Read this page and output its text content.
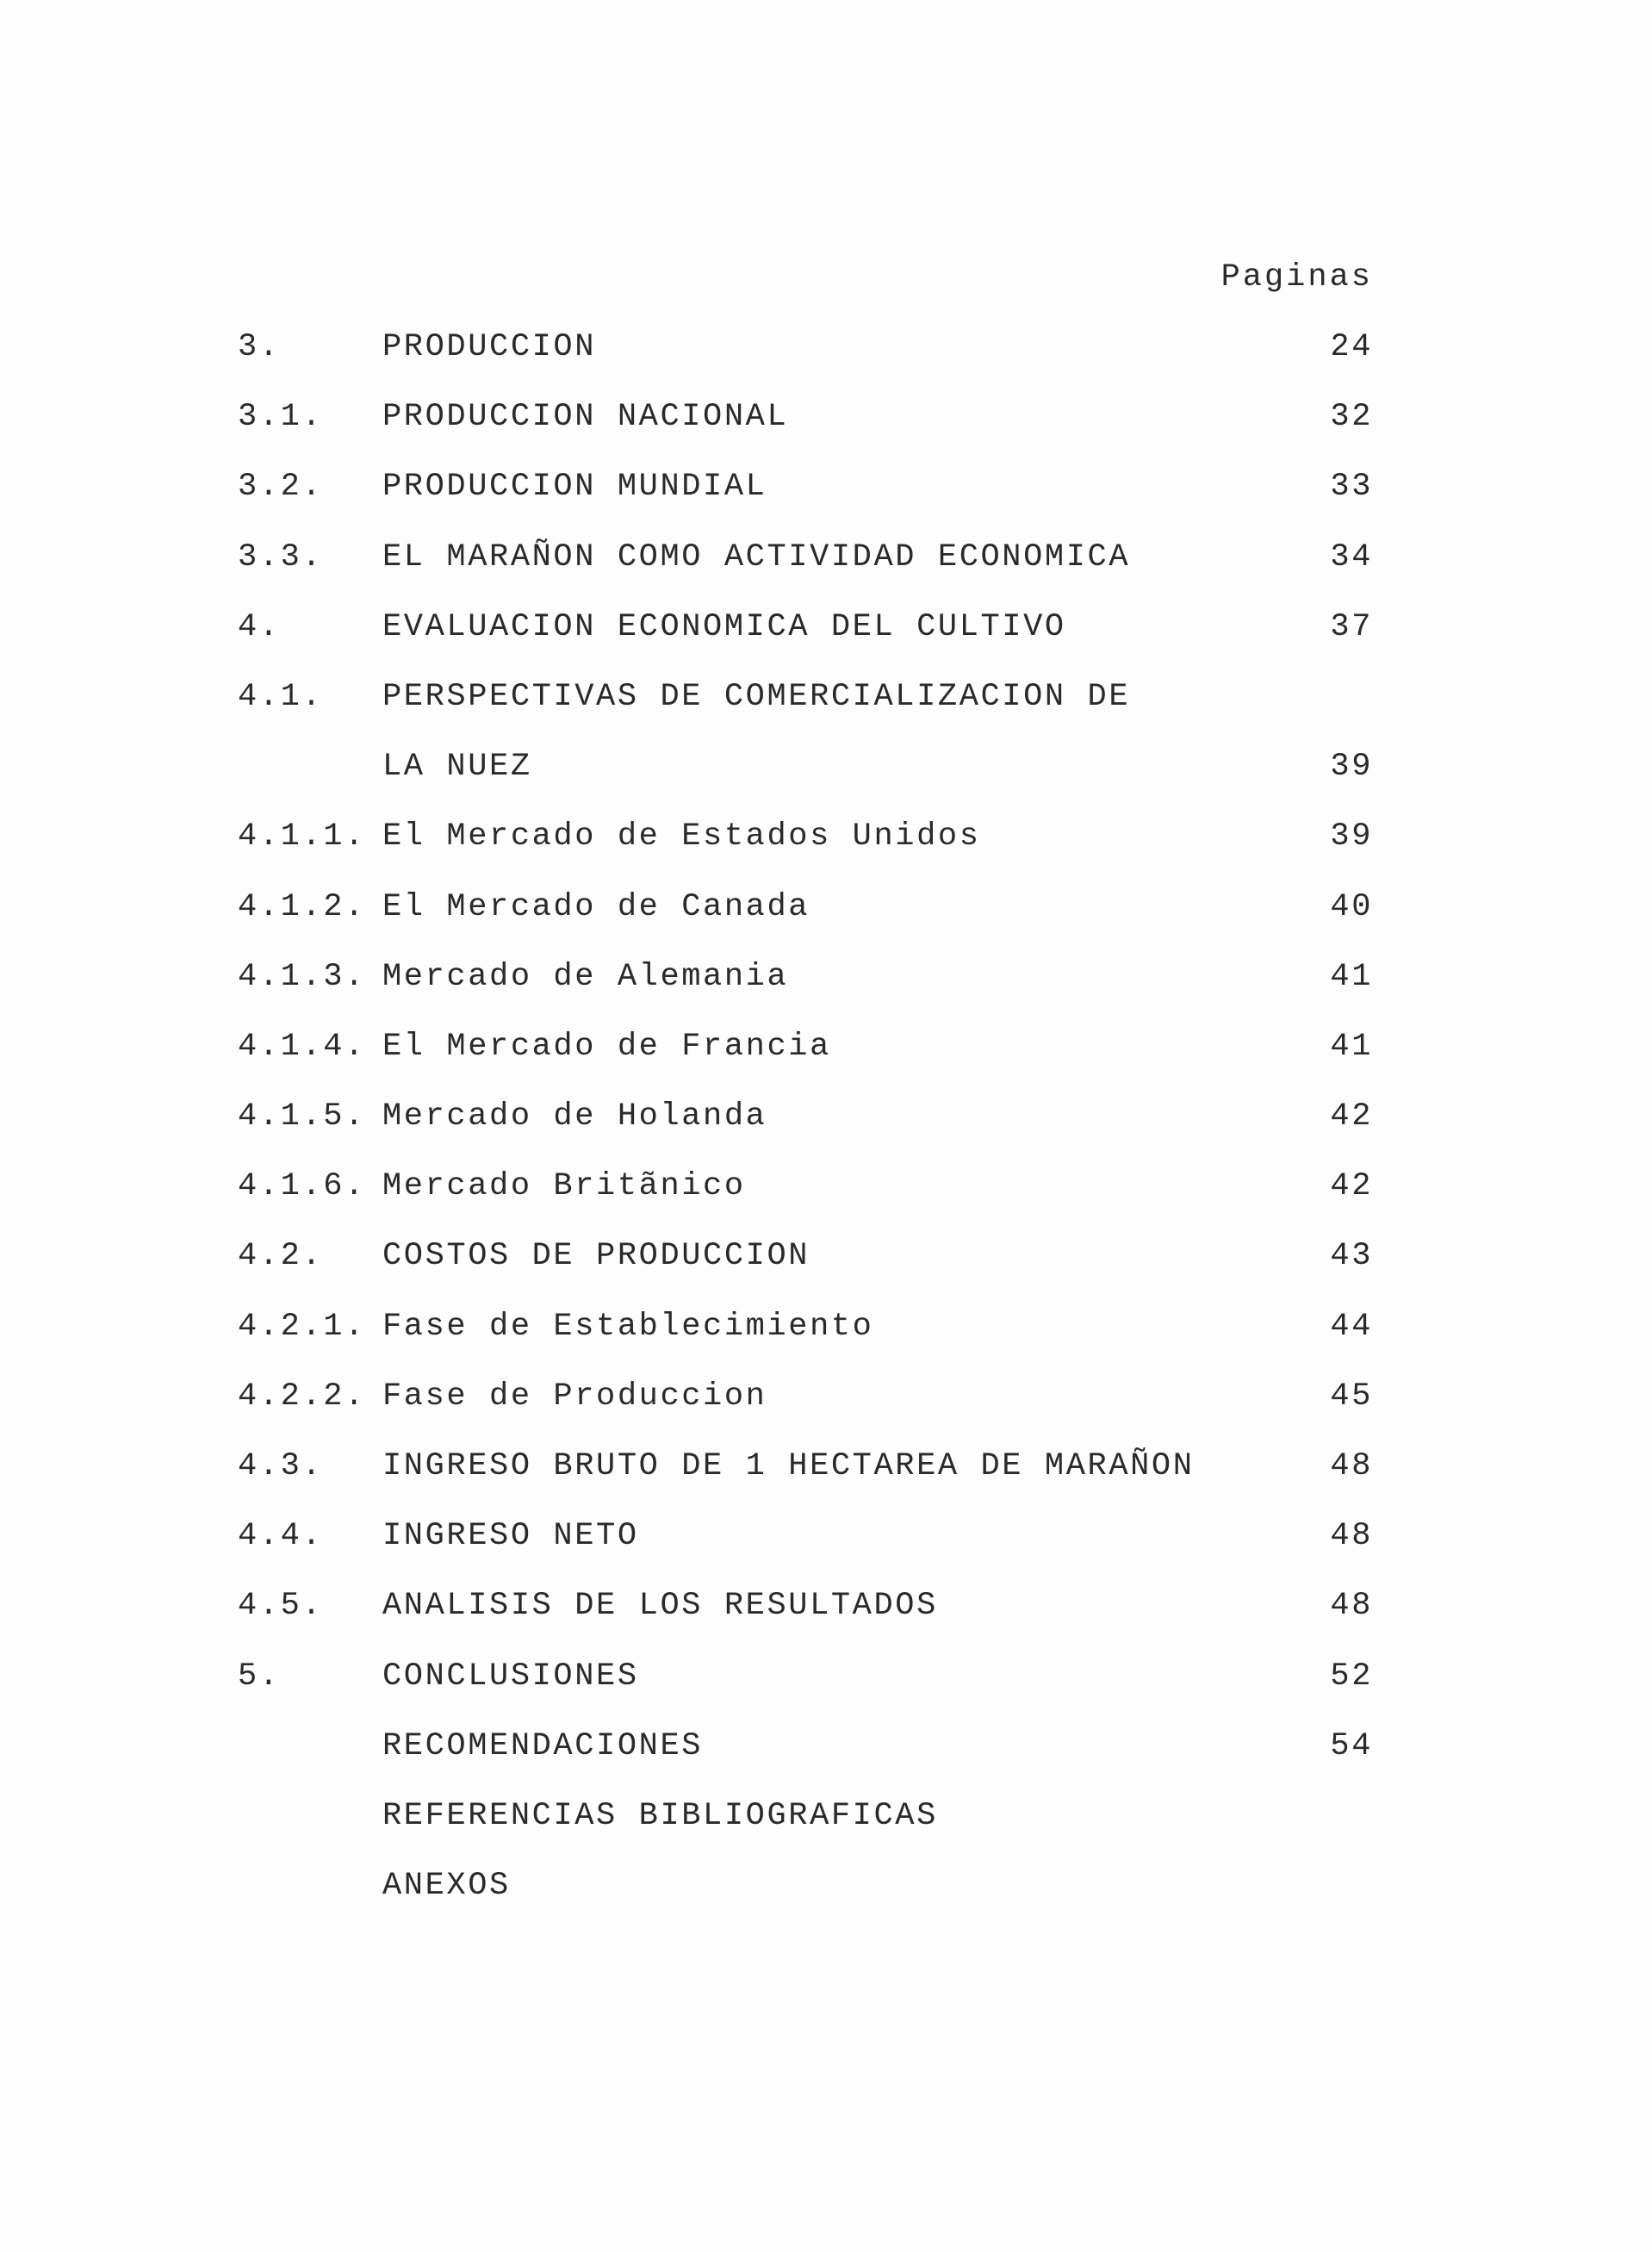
Paginas
3.	PRODUCCION	24
3.1. PRODUCCION NACIONAL	32
3.2. PRODUCCION MUNDIAL	33
3.3. EL MARAÑON COMO ACTIVIDAD ECONOMICA	34
4.	EVALUACION ECONOMICA DEL CULTIVO	37
4.1. PERSPECTIVAS DE COMERCIALIZACION DE
LA NUEZ	39
4.1.1. El Mercado de Estados Unidos	39
4.1.2. El Mercado de Canada	40
4.1.3. Mercado de Alemania	41
4.1.4. El Mercado de Francia	41
4.1.5. Mercado de Holanda	42
4.1.6. Mercado Britãnico	42
4.2. COSTOS DE PRODUCCION	43
4.2.1. Fase de Establecimiento	44
4.2.2. Fase de Produccion	45
4.3. INGRESO BRUTO DE 1 HECTAREA DE MARAÑON	48
4.4. INGRESO NETO	48
4.5. ANALISIS DE LOS RESULTADOS	48
5.	CONCLUSIONES	52
RECOMENDACIONES	54
REFERENCIAS BIBLIOGRAFICAS
ANEXOS
